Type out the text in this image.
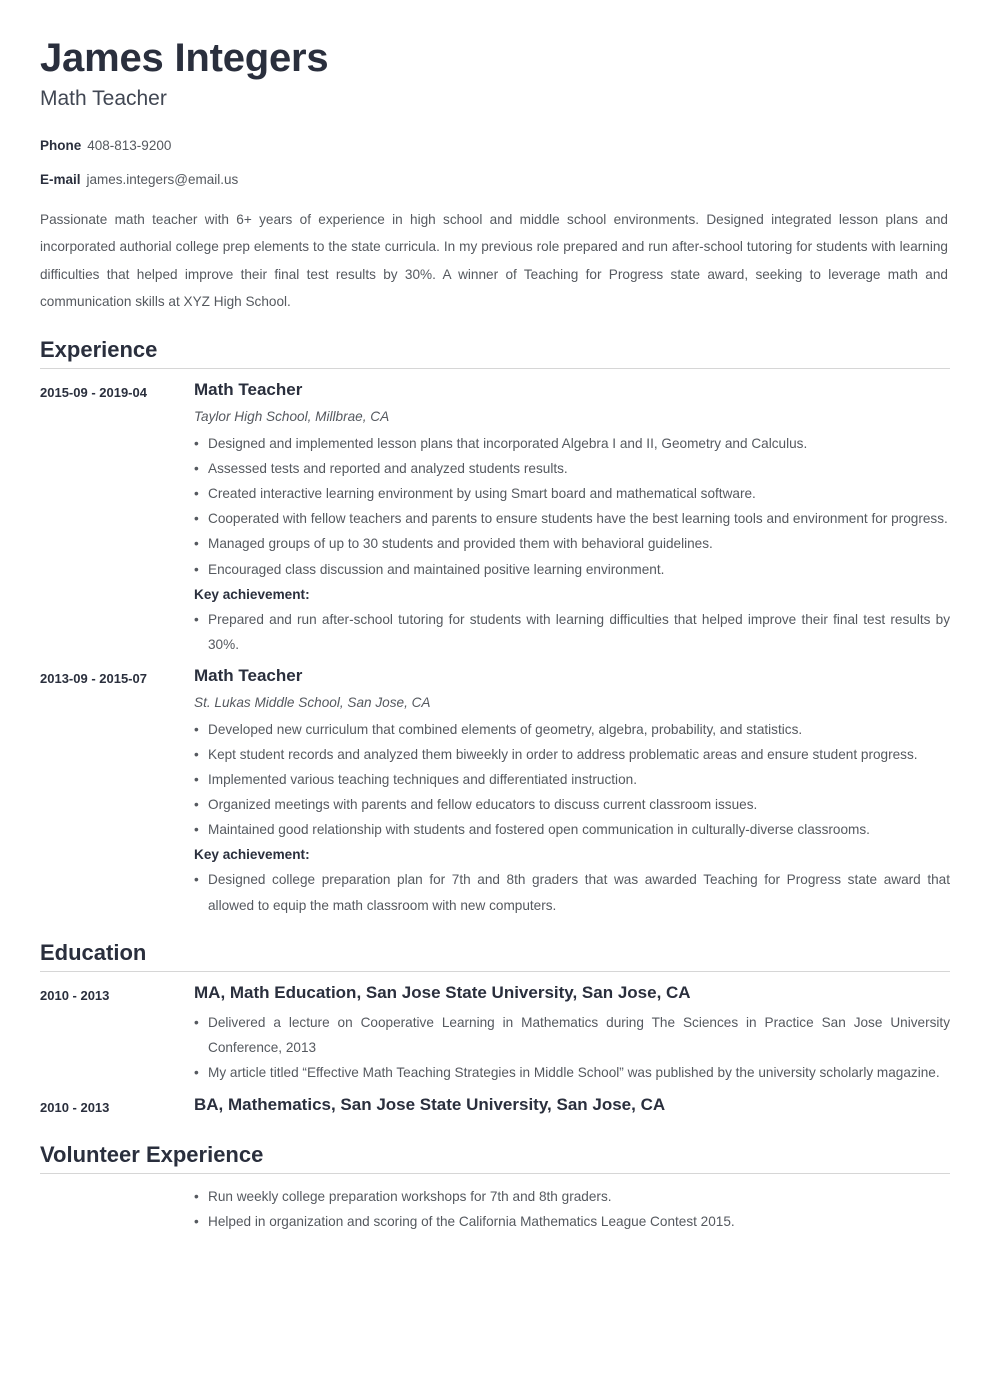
James Integers
Math Teacher
Phone 408-813-9200
E-mail james.integers@email.us

Passionate math teacher with 6+ years of experience in high school and middle school environments. Designed integrated lesson plans and incorporated authorial college prep elements to the state curricula. In my previous role prepared and run after-school tutoring for students with learning difficulties that helped improve their final test results by 30%. A winner of Teaching for Progress state award, seeking to leverage math and communication skills at XYZ High School.

Experience
2015-09 - 2019-04	Math Teacher
Taylor High School, Millbrae, CA
• Designed and implemented lesson plans that incorporated Algebra I and II, Geometry and Calculus.
• Assessed tests and reported and analyzed students results.
• Created interactive learning environment by using Smart board and mathematical software.
• Cooperated with fellow teachers and parents to ensure students have the best learning tools and environment for progress.
• Managed groups of up to 30 students and provided them with behavioral guidelines.
• Encouraged class discussion and maintained positive learning environment.
Key achievement:
• Prepared and run after-school tutoring for students with learning difficulties that helped improve their final test results by 30%.
2013-09 - 2015-07	Math Teacher
St. Lukas Middle School, San Jose, CA
• Developed new curriculum that combined elements of geometry, algebra, probability, and statistics.
• Kept student records and analyzed them biweekly in order to address problematic areas and ensure student progress.
• Implemented various teaching techniques and differentiated instruction.
• Organized meetings with parents and fellow educators to discuss current classroom issues.
• Maintained good relationship with students and fostered open communication in culturally-diverse classrooms.
Key achievement:
• Designed college preparation plan for 7th and 8th graders that was awarded Teaching for Progress state award that allowed to equip the math classroom with new computers.
Education
2010 - 2013	MA, Math Education, San Jose State University, San Jose, CA
• Delivered a lecture on Cooperative Learning in Mathematics during The Sciences in Practice San Jose University Conference, 2013
• My article titled “Effective Math Teaching Strategies in Middle School” was published by the university scholarly magazine.
2010 - 2013	BA, Mathematics, San Jose State University, San Jose, CA
Volunteer Experience
• Run weekly college preparation workshops for 7th and 8th graders.
• Helped in organization and scoring of the California Mathematics League Contest 2015.
